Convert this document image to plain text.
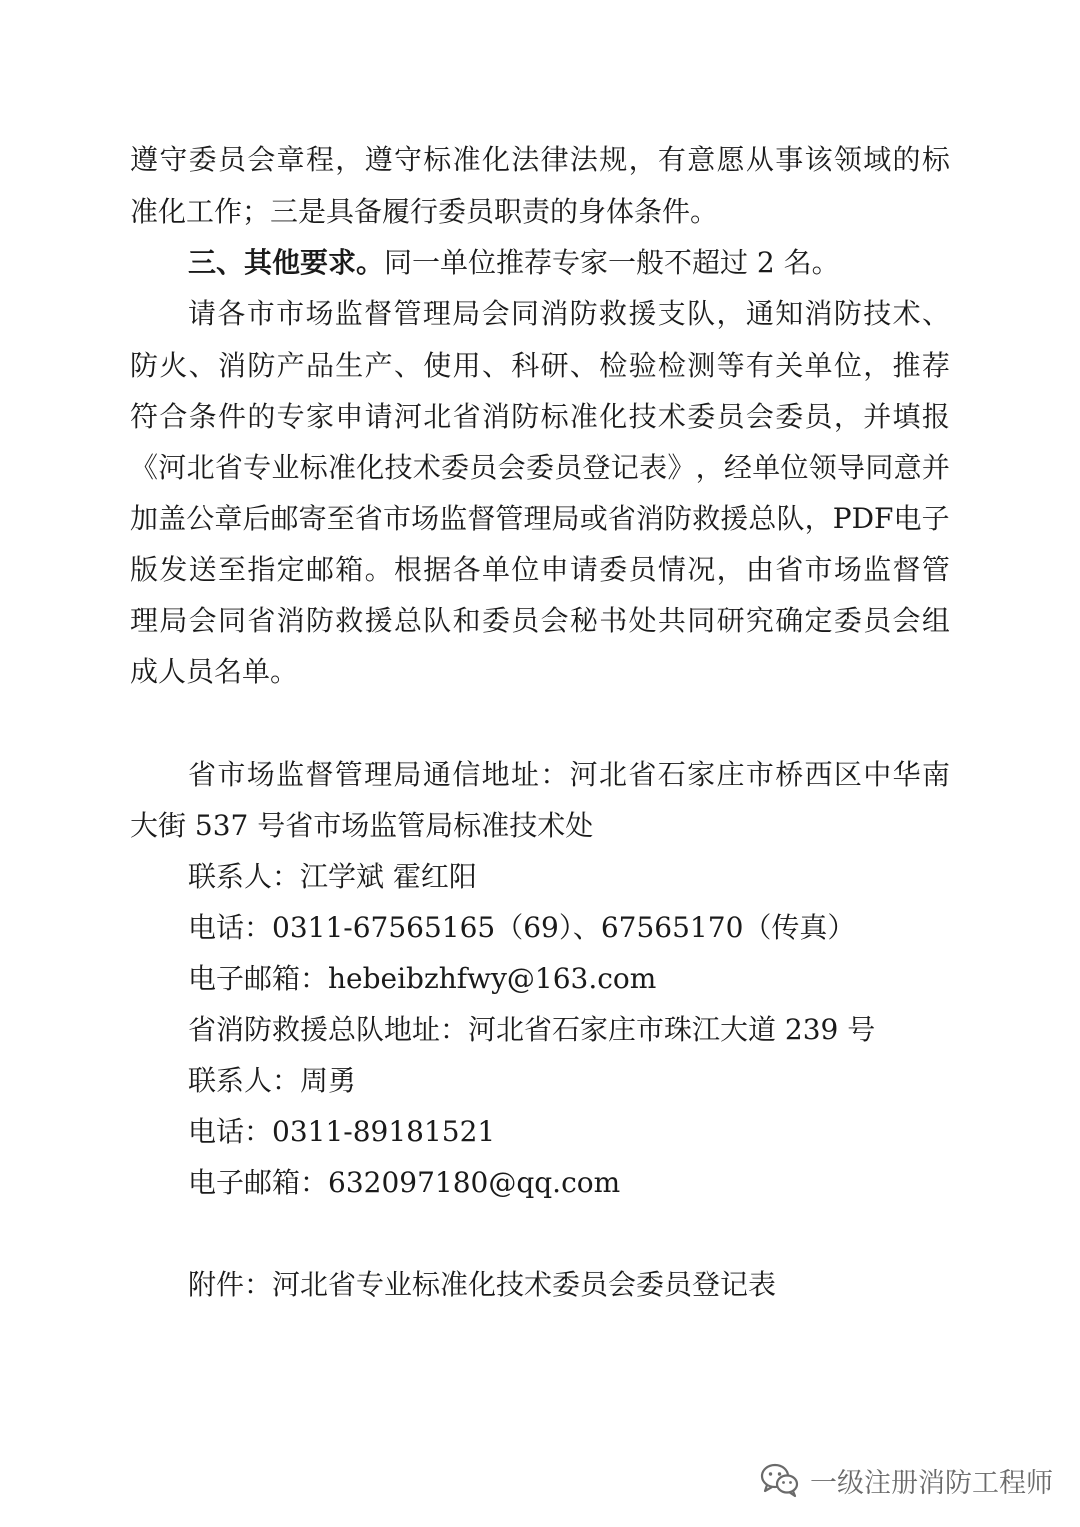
遵 守 委 员 会 章 程 ， 遵 守 标 准 化 法 律 法 规 ， 有 意 愿 从 事 该 领 域 的 标
准化工作；三是具备履行委员职责的身体条件。
三、其他要求。同一单位推荐专家一般不超过 2 名。
请 各 市 市 场 监 督 管 理 局 会 同 消 防 救 援 支 队 ， 通 知 消 防 技 术 、
防 火 、 消 防 产 品 生 产 、 使 用 、 科 研 、 检 验 检 测 等 有 关 单 位 ， 推 荐
符 合 条 件 的 专 家 申 请 河 北 省 消 防 标 准 化 技 术 委 员 会 委 员 ， 并 填 报
《 河 北 省 专 业 标 准 化 技 术 委 员 会 委 员 登 记 表 》 ， 经 单 位 领 导 同 意 并
加 盖 公 章 后 邮 寄 至 省 市 场 监 督 管 理 局 或 省 消 防 救 援 总 队 ， PDF 电 子
版 发 送 至 指 定 邮 箱 。 根 据 各 单 位 申 请 委 员 情 况 ， 由 省 市 场 监 督 管
理 局 会 同 省 消 防 救 援 总 队 和 委 员 会 秘 书 处 共 同 研 究 确 定 委 员 会 组
成人员名单。
省 市 场 监 督 管 理 局 通 信 地 址 ： 河 北 省 石 家 庄 市 桥 西 区 中 华 南
大街 537 号省市场监管局标准技术处
联系人：江学斌 霍红阳
电话：0311-67565165（69）、67565170（传真）
电子邮箱：hebeibzhfwy@163.com
省消防救援总队地址：河北省石家庄市珠江大道 239 号
联系人：周勇
电话：0311-89181521
电子邮箱：632097180@qq.com
附件：河北省专业标准化技术委员会委员登记表
一级注册消防工程师
